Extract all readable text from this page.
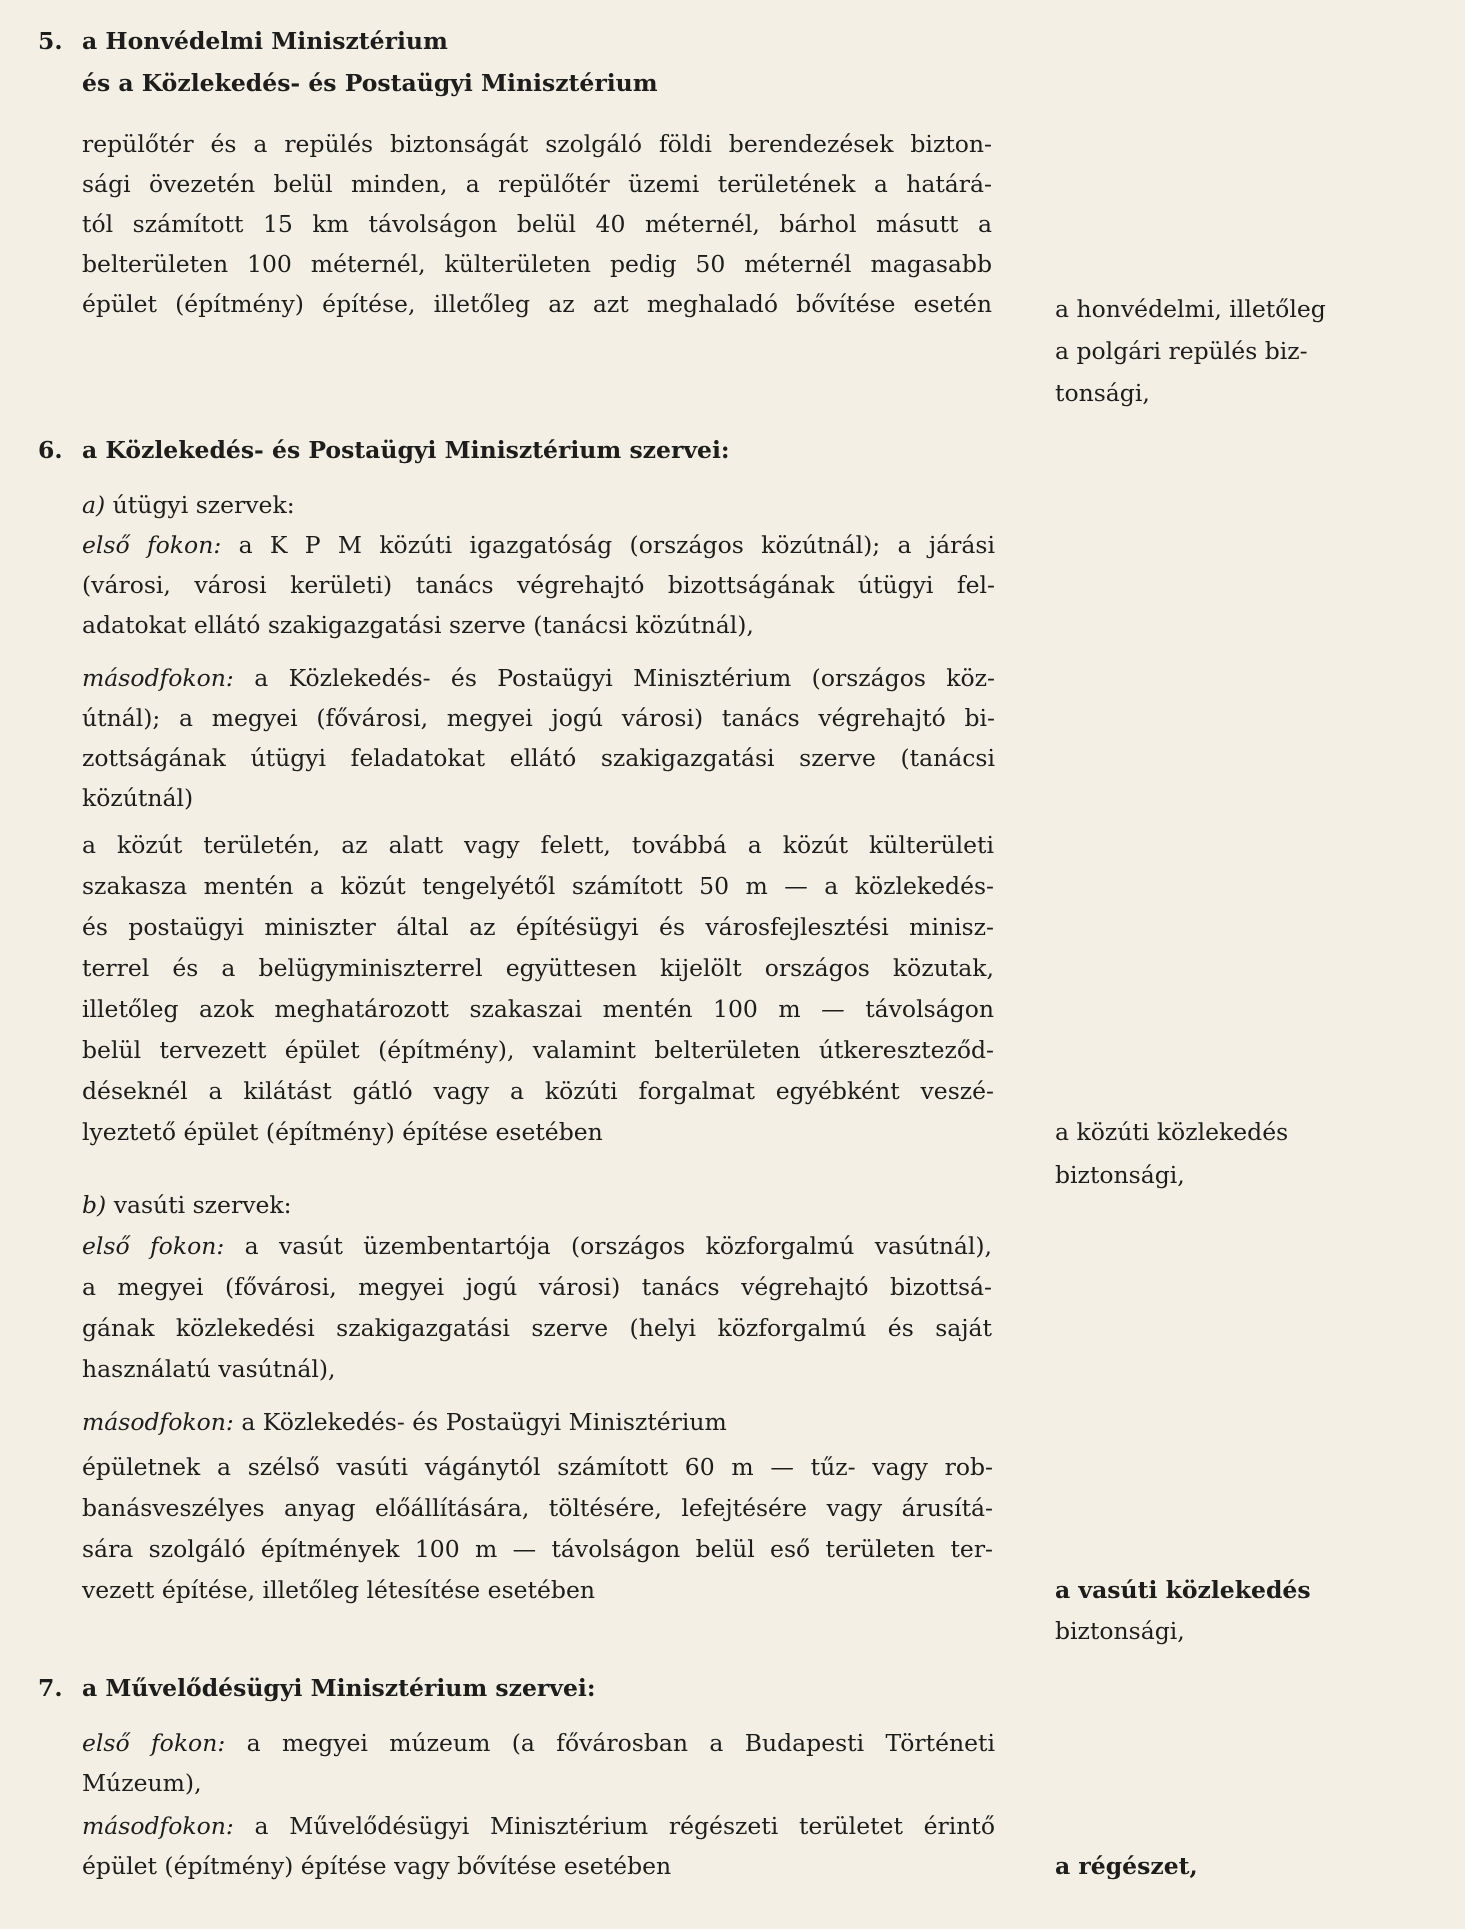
5. a Honvédelmi Minisztérium
és a Közlekedés- és Postaügyi Minisztérium
repülőtér és a repülés biztonságát szolgáló földi berendezések bizton-
sági övezetén belül minden, a repülőtér üzemi területének a határá-
tól számított 15 km távolságon belül 40 méternél, bárhol másutt a
belterületen 100 méternél, külterületen pedig 50 méternél magasabb
épület (építmény) építése, illetőleg az azt meghaladó bővítése esetén	a honvédelmi, illetőleg
a polgári repülés biz-
tonsági,
6. a Közlekedés- és Postaügyi Minisztérium szervei:
a) útügyi szervek:
első fokon: a K P M közúti igazgatóság (országos közútnál); a járási
(városi, városi kerületi) tanács végrehajtó bizottságának útügyi fel-
adatokat ellátó szakigazgatási szerve (tanácsi közútnál),
másodfokon: a Közlekedés- és Postaügyi Minisztérium (országos köz-
útnál); a megyei (fővárosi, megyei jogú városi) tanács végrehajtó bi-
zottságának útügyi feladatokat ellátó szakigazgatási szerve (tanácsi
közútnál)
a közút területén, az alatt vagy felett, továbbá a közút külterületi
szakasza mentén a közút tengelyétől számított 50 m — a közlekedés-
és postaügyi miniszter által az építésügyi és városfejlesztési minisz-
terrel és a belügyminiszterrel együttesen kijelölt országos közutak,
illetőleg azok meghatározott szakaszai mentén 100 m — távolságon
belül tervezett épület (építmény), valamint belterületen útkereszteződ-
déseknél a kilátást gátló vagy a közúti forgalmat egyébként veszé-
lyeztető épület (építmény) építése esetében	a közúti közlekedés
biztonsági,
b) vasúti szervek:
első fokon: a vasút üzembentartója (országos közforgalmú vasútnál),
a megyei (fővárosi, megyei jogú városi) tanács végrehajtó bizottsá-
gának közlekedési szakigazgatási szerve (helyi közforgalmú és saját
használatú vasútnál),
másodfokon: a Közlekedés- és Postaügyi Minisztérium
épületnek a szélső vasúti vágánytól számított 60 m — tűz- vagy rob-
banásveszélyes anyag előállítására, töltésére, lefejtésére vagy árusítá-
sára szolgáló építmények 100 m — távolságon belül eső területen ter-
vezett építése, illetőleg létesítése esetében	a vasúti közlekedés
biztonsági,
7. a Művelődésügyi Minisztérium szervei:
első fokon: a megyei múzeum (a fővárosban a Budapesti Történeti
Múzeum),
másodfokon: a Művelődésügyi Minisztérium régészeti területet érintő
épület (építmény) építése vagy bővítése esetében	a régészet,
